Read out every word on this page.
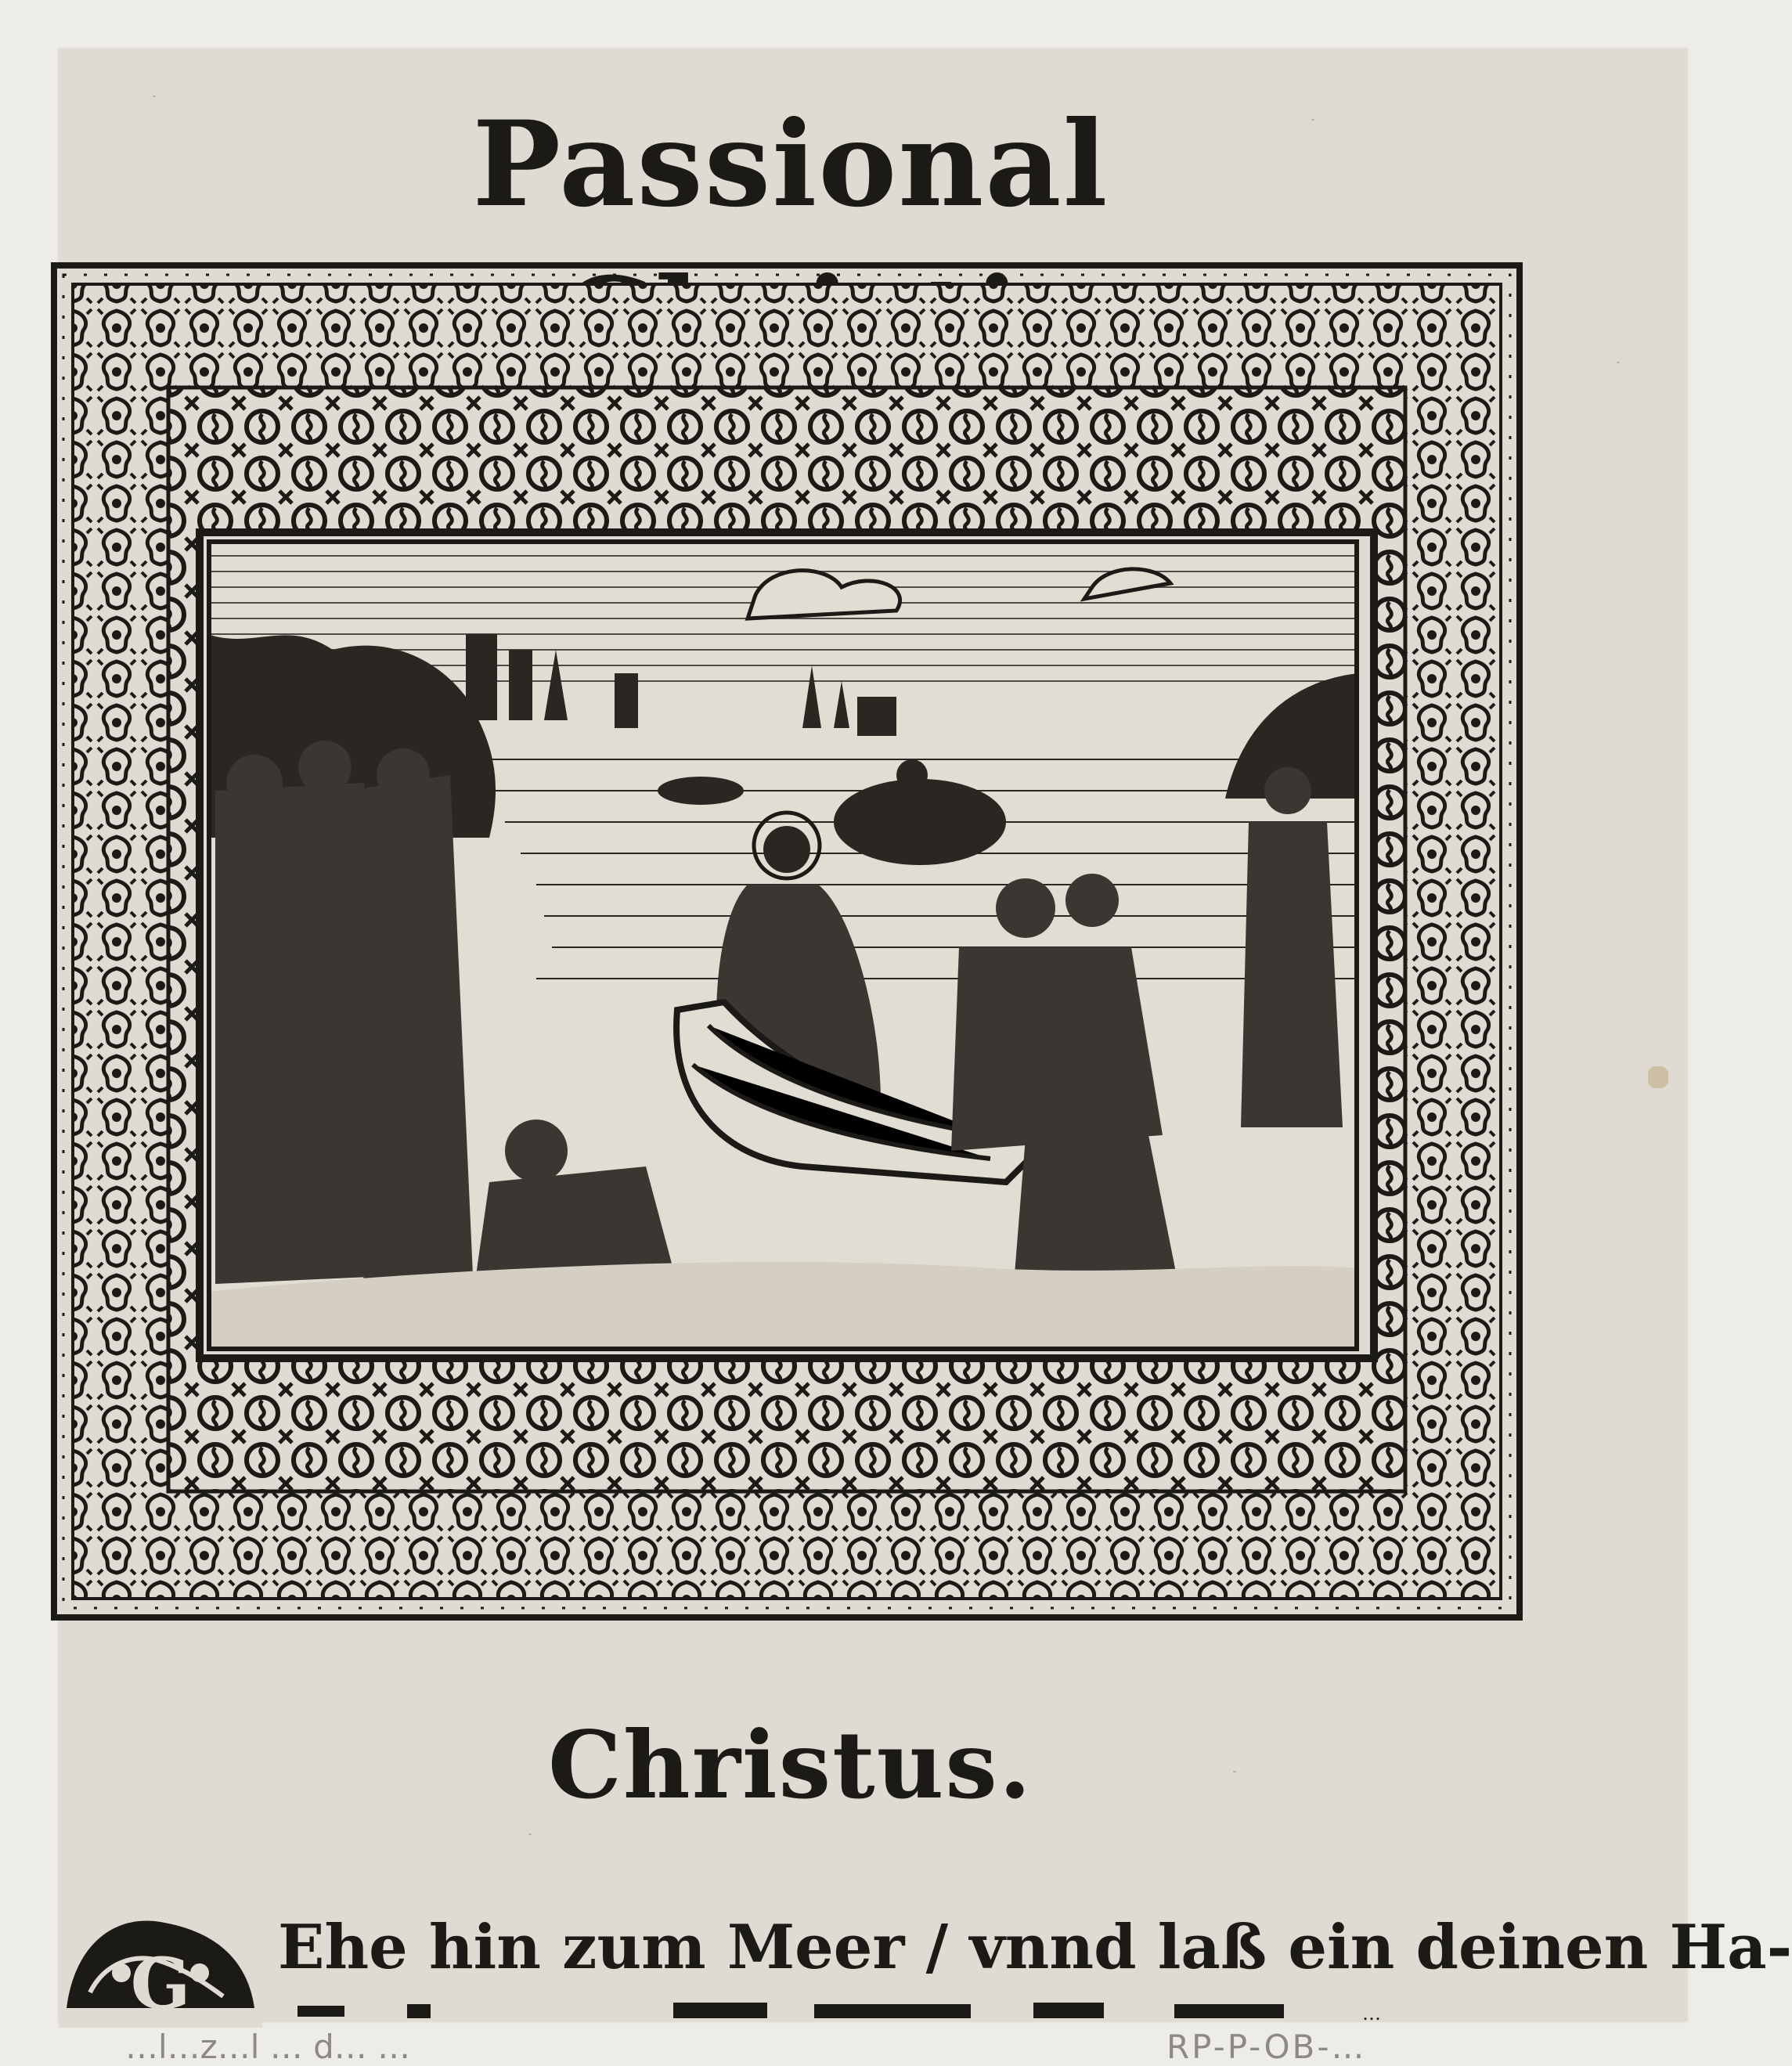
Passional
Christus.
G Ehe hin zum Meer / vnnd laß ein deinen Ha-
…
…l…z…l … d… …	RP-P-OB-…
